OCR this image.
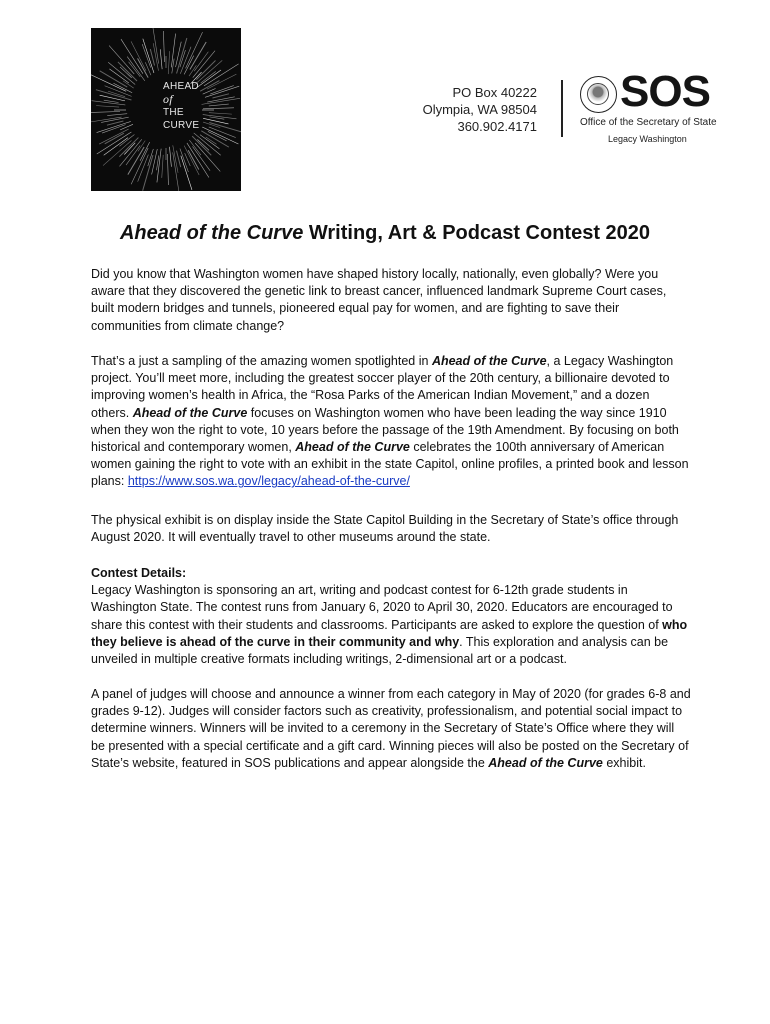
AHEAD
of
THE
CURVE
PO Box 40222
Olympia, WA 98504
360.902.4171
SOS
Office of the Secretary of State
Legacy Washington
Ahead of the Curve Writing, Art & Podcast Contest 2020
Did you know that Washington women have shaped history locally, nationally, even globally? Were you aware that they discovered the genetic link to breast cancer, influenced landmark Supreme Court cases, built modern bridges and tunnels, pioneered equal pay for women, and are fighting to save their communities from climate change?
That’s a just a sampling of the amazing women spotlighted in Ahead of the Curve, a Legacy Washington project. You’ll meet more, including the greatest soccer player of the 20th century, a billionaire devoted to improving women’s health in Africa, the “Rosa Parks of the American Indian Movement,” and a dozen others. Ahead of the Curve focuses on Washington women who have been leading the way since 1910 when they won the right to vote, 10 years before the passage of the 19th Amendment. By focusing on both historical and contemporary women, Ahead of the Curve celebrates the 100th anniversary of American women gaining the right to vote with an exhibit in the state Capitol, online profiles, a printed book and lesson plans: https://www.sos.wa.gov/legacy/ahead-of-the-curve/
The physical exhibit is on display inside the State Capitol Building in the Secretary of State’s office through August 2020. It will eventually travel to other museums around the state.
Contest Details:
Legacy Washington is sponsoring an art, writing and podcast contest for 6-12th grade students in Washington State. The contest runs from January 6, 2020 to April 30, 2020. Educators are encouraged to share this contest with their students and classrooms. Participants are asked to explore the question of who they believe is ahead of the curve in their community and why. This exploration and analysis can be unveiled in multiple creative formats including writings, 2-dimensional art or a podcast.
A panel of judges will choose and announce a winner from each category in May of 2020 (for grades 6-8 and grades 9-12). Judges will consider factors such as creativity, professionalism, and potential social impact to determine winners. Winners will be invited to a ceremony in the Secretary of State’s Office where they will be presented with a special certificate and a gift card. Winning pieces will also be posted on the Secretary of State’s website, featured in SOS publications and appear alongside the Ahead of the Curve exhibit.
